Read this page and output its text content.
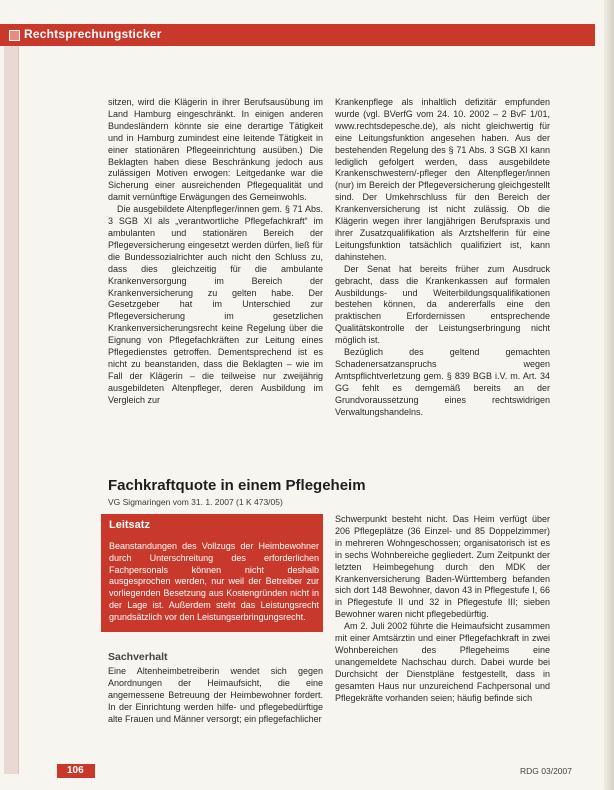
Rechtsprechungsticker

sitzen, wird die Klägerin in ihrer Berufsausübung im Land Hamburg eingeschränkt. In einigen anderen Bundesländern könnte sie eine derartige Tätigkeit und in Hamburg zumindest eine leitende Tätigkeit in einer stationären Pflegeeinrichtung ausüben.) Die Beklagten haben diese Beschränkung jedoch aus zulässigen Motiven erwogen: Leitgedanke war die Sicherung einer ausreichenden Pflegequalität und damit vernünftige Erwägungen des Gemeinwohls.

Die ausgebildete Altenpfleger/innen gem. § 71 Abs. 3 SGB XI als „verantwortliche Pflegefachkraft“ im ambulanten und stationären Bereich der Pflegeversicherung eingesetzt werden dürfen, ließ für die Bundessozialrichter auch nicht den Schluss zu, dass dies gleichzeitig für die ambulante Krankenversorgung im Bereich der Krankenversicherung zu gelten habe. Der Gesetzgeber hat im Unterschied zur Pflegeversicherung im gesetzlichen Krankenversicherungsrecht keine Regelung über die Eignung von Pflegefachkräften zur Leitung eines Pflegedienstes getroffen. Dementsprechend ist es nicht zu beanstanden, dass die Beklagten – wie im Fall der Klägerin – die teilweise nur zweijährig ausgebildeten Altenpfleger, deren Ausbildung im Vergleich zur

Krankenpflege als inhaltlich defizitär empfunden wurde (vgl. BVerfG vom 24. 10. 2002 – 2 BvF 1/01, www.rechtsdepesche.de), als nicht gleichwertig für eine Leitungsfunktion angesehen haben. Aus der bestehenden Regelung des § 71 Abs. 3 SGB XI kann lediglich gefolgert werden, dass ausgebildete Krankenschwestern/-pfleger den Altenpfleger/innen (nur) im Bereich der Pflegeversicherung gleichgestellt sind. Der Umkehrschluss für den Bereich der Krankenversicherung ist nicht zulässig. Ob die Klägerin wegen ihrer langjährigen Berufspraxis und ihrer Zusatzqualifikation als Arztshelferin für eine Leitungsfunktion tatsächlich qualifiziert ist, kann dahinstehen.

Der Senat hat bereits früher zum Ausdruck gebracht, dass die Krankenkassen auf formalen Ausbildungs- und Weiterbildungsqualifikationen bestehen können, da andererfalls eine den praktischen Erfordernissen entsprechende Qualitätskontrolle der Leistungserbringung nicht möglich ist.

Bezüglich des geltend gemachten Schadenersatzanspruchs wegen Amtspflichtverletzung gem. § 839 BGB i.V. m. Art. 34 GG fehlt es demgemäß bereits an der Grundvoraussetzung eines rechtswidrigen Verwaltungshandelns.

Fachkraftquote in einem Pflegeheim
VG Sigmaringen vom 31. 1. 2007 (1 K 473/05)
Leitsatz

Beanstandungen des Vollzugs der Heimbewohner durch Unterschreitung des erforderlichen Fachpersonals können nicht deshalb ausgesprochen werden, nur weil der Betreiber zur vorliegenden Besetzung aus Kostengründen nicht in der Lage ist. Außerdem steht das Leistungsrecht grundsätzlich vor den Leistungserbringungsrecht.

Sachverhalt

Eine Altenheimbetreiberin wendet sich gegen Anordnungen der Heimaufsicht, die eine angemessene Betreuung der Heimbewohner fordert. In der Einrichtung werden hilfe- und pflegebedürftige alte Frauen und Männer versorgt; ein pflegefachlicher

Schwerpunkt besteht nicht. Das Heim verfügt über 206 Pflegeplätze (36 Einzel- und 85 Doppelzimmer) in mehreren Wohngeschossen; organisatorisch ist es in sechs Wohnbereiche gegliedert. Zum Zeitpunkt der letzten Heimbegehung durch den MDK der Krankenversicherung Baden-Württemberg befanden sich dort 148 Bewohner, davon 43 in Pflegestufe I, 66 in Pflegestufe II und 32 in Pflegestufe III; sieben Bewohner waren nicht pflegebedürftig.

Am 2. Juli 2002 führte die Heimaufsicht zusammen mit einer Amtsärztin und einer Pflegefachkraft in zwei Wohnbereichen des Pflegeheims eine unangemeldete Nachschau durch. Dabei wurde bei Durchsicht der Dienstpläne festgestellt, dass in gesamten Haus nur unzureichend Fachpersonal und Pflegekräfte vorhanden seien; häufig befinde sich

106	RDG 03/2007
